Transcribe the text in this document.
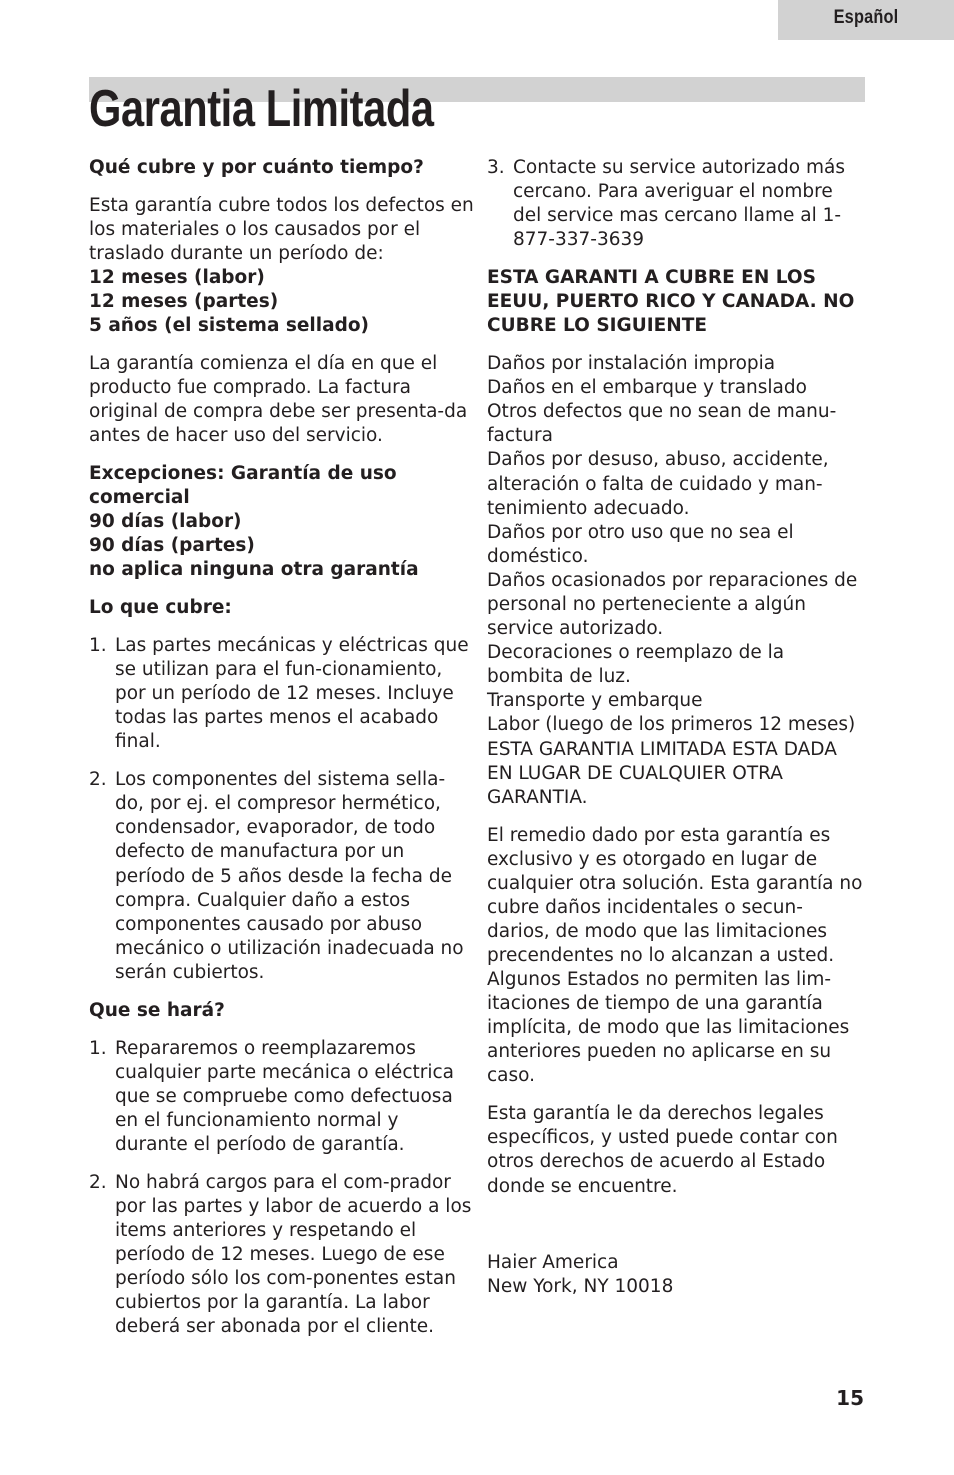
Español
Garantia Limitada

Qué cubre y por cuánto tiempo?

Esta garantía cubre todos los defectos en los materiales o los causados por el traslado durante un período de:
12 meses (labor)
12 meses (partes)
5 años (el sistema sellado)

La garantía comienza el día en que el producto fue comprado. La factura original de compra debe ser presenta-da antes de hacer uso del servicio.

Excepciones: Garantía de uso comercial
90 días (labor)
90 días (partes)
no aplica ninguna otra garantía

Lo que cubre:

1. Las partes mecánicas y eléctricas que se utilizan para el fun-cionamiento, por un período de 12 meses. Incluye todas las partes menos el acabado final.
2. Los componentes del sistema sella-do, por ej. el compresor hermético, condensador, evaporador, de todo defecto de manufactura por un período de 5 años desde la fecha de compra. Cualquier daño a estos componentes causado por abuso mecánico o utilización inadecuada no serán cubiertos.

Que se hará?

1. Repararemos o reemplazaremos cualquier parte mecánica o eléctrica que se compruebe como defectuosa en el funcionamiento normal y durante el período de garantía.
2. No habrá cargos para el com-prador por las partes y labor de acuerdo a los items anteriores y respetando el período de 12 meses. Luego de ese período sólo los com-ponentes estan cubiertos por la garantía. La labor deberá ser abonada por el cliente.
3. Contacte su service autorizado más cercano. Para averiguar el nombre del service mas cercano llame al 1-877-337-3639

ESTA GARANTI A CUBRE EN LOS EEUU, PUERTO RICO Y CANADA. NO CUBRE LO SIGUIENTE

Daños por instalación impropia
Daños en el embarque y translado
Otros defectos que no sean de manu-factura
Daños por desuso, abuso, accidente, alteración o falta de cuidado y man-tenimiento adecuado.
Daños por otro uso que no sea el doméstico.
Daños ocasionados por reparaciones de personal no perteneciente a algún service autorizado.
Decoraciones o reemplazo de la bombita de luz.
Transporte y embarque
Labor (luego de los primeros 12 meses)
ESTA GARANTIA LIMITADA ESTA DADA EN LUGAR DE CUALQUIER OTRA GARANTIA.

El remedio dado por esta garantía es exclusivo y es otorgado en lugar de cualquier otra solución. Esta garantía no cubre daños incidentales o secun-darios, de modo que las limitaciones precendentes no lo alcanzan a usted. Algunos Estados no permiten las lim-itaciones de tiempo de una garantía implícita, de modo que las limitaciones anteriores pueden no aplicarse en su caso.

Esta garantía le da derechos legales específicos, y usted puede contar con otros derechos de acuerdo al Estado donde se encuentre.

Haier America
New York, NY 10018

15
